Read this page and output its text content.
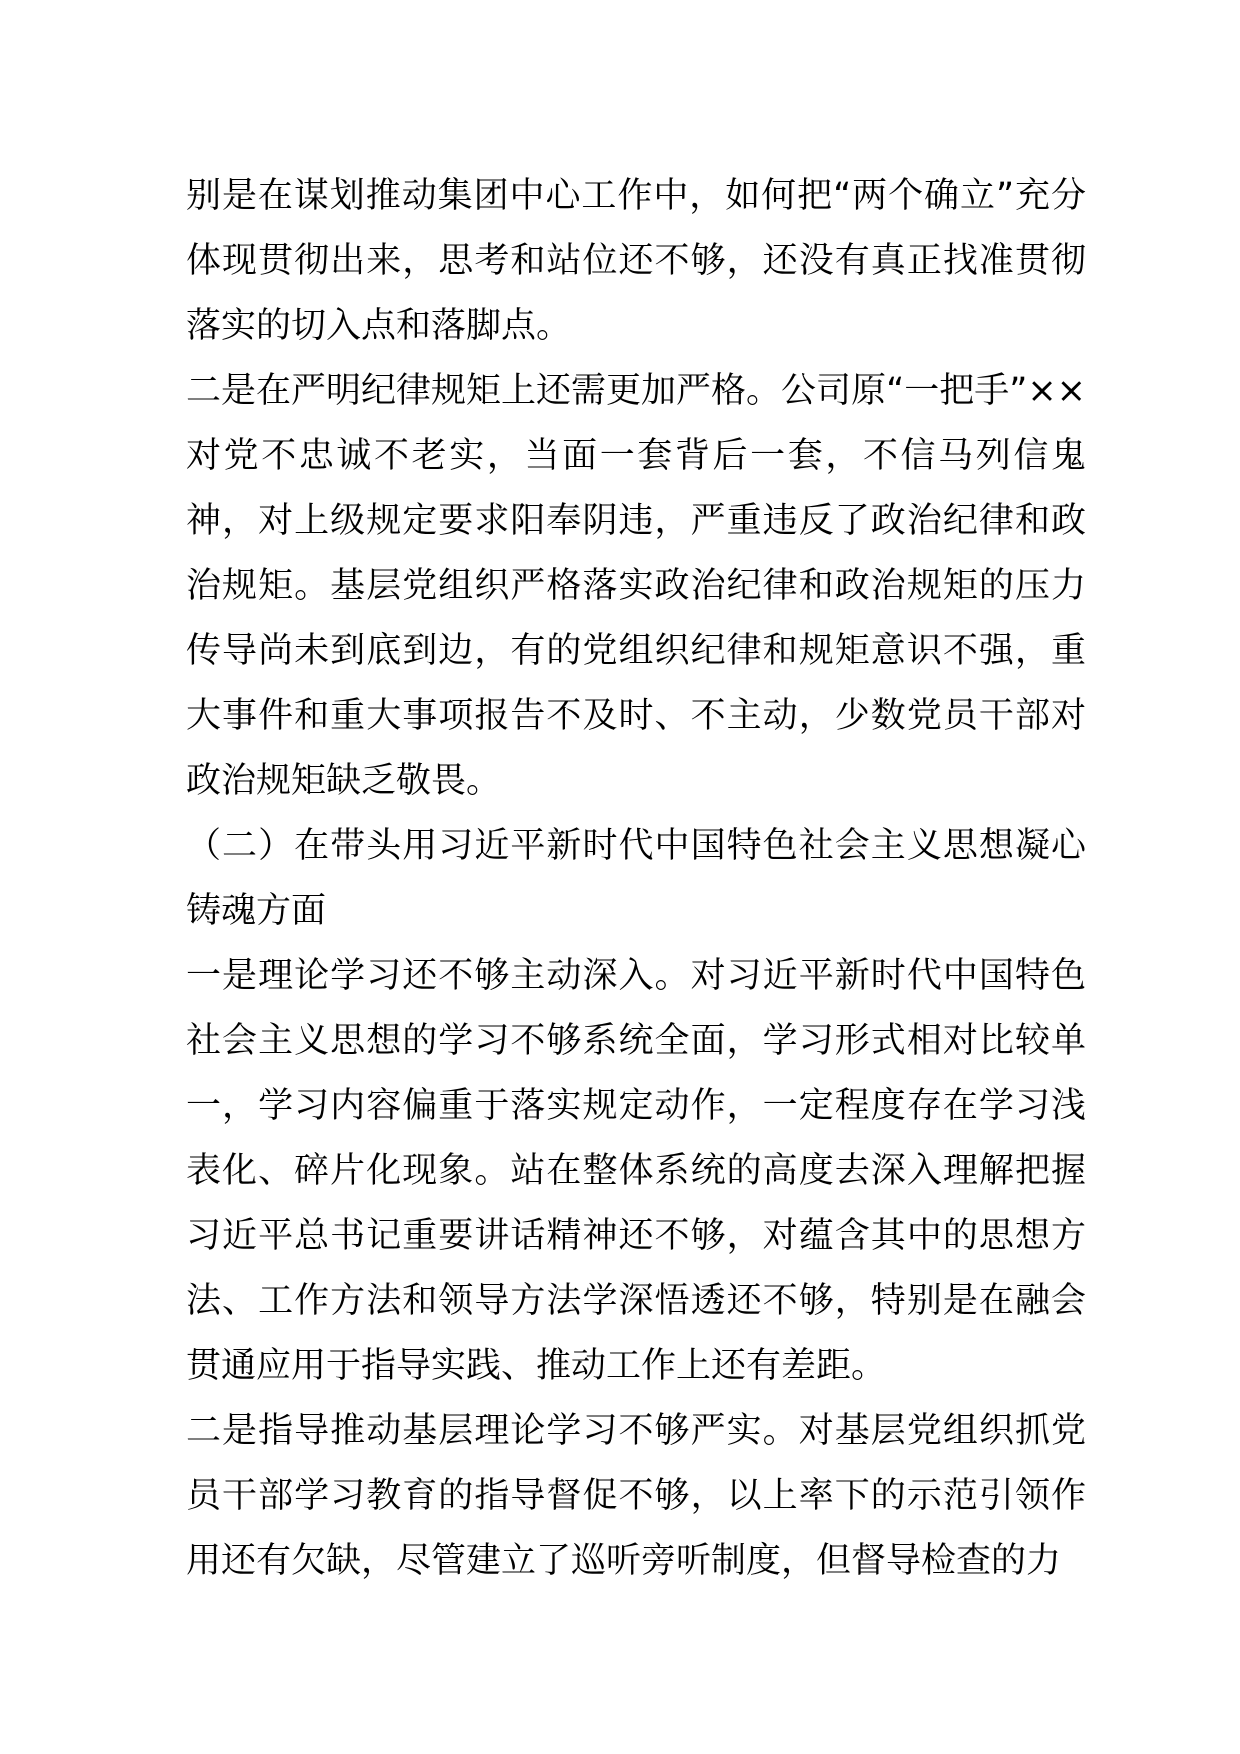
别是在谋划推动集团中心工作中，如何把“两个确立”充分体现贯彻出来，思考和站位还不够，还没有真正找准贯彻落实的切入点和落脚点。

二是在严明纪律规矩上还需更加严格。公司原“一把手”××对党不忠诚不老实，当面一套背后一套，不信马列信鬼神，对上级规定要求阳奉阴违，严重违反了政治纪律和政治规矩。基层党组织严格落实政治纪律和政治规矩的压力传导尚未到底到边，有的党组织纪律和规矩意识不强，重大事件和重大事项报告不及时、不主动，少数党员干部对政治规矩缺乏敬畏。

（二）在带头用习近平新时代中国特色社会主义思想凝心铸魂方面

一是理论学习还不够主动深入。对习近平新时代中国特色社会主义思想的学习不够系统全面，学习形式相对比较单一，学习内容偏重于落实规定动作，一定程度存在学习浅表化、碎片化现象。站在整体系统的高度去深入理解把握习近平总书记重要讲话精神还不够，对蕴含其中的思想方法、工作方法和领导方法学深悟透还不够，特别是在融会贯通应用于指导实践、推动工作上还有差距。

二是指导推动基层理论学习不够严实。对基层党组织抓党员干部学习教育的指导督促不够，以上率下的示范引领作用还有欠缺，尽管建立了巡听旁听制度，但督导检查的力
